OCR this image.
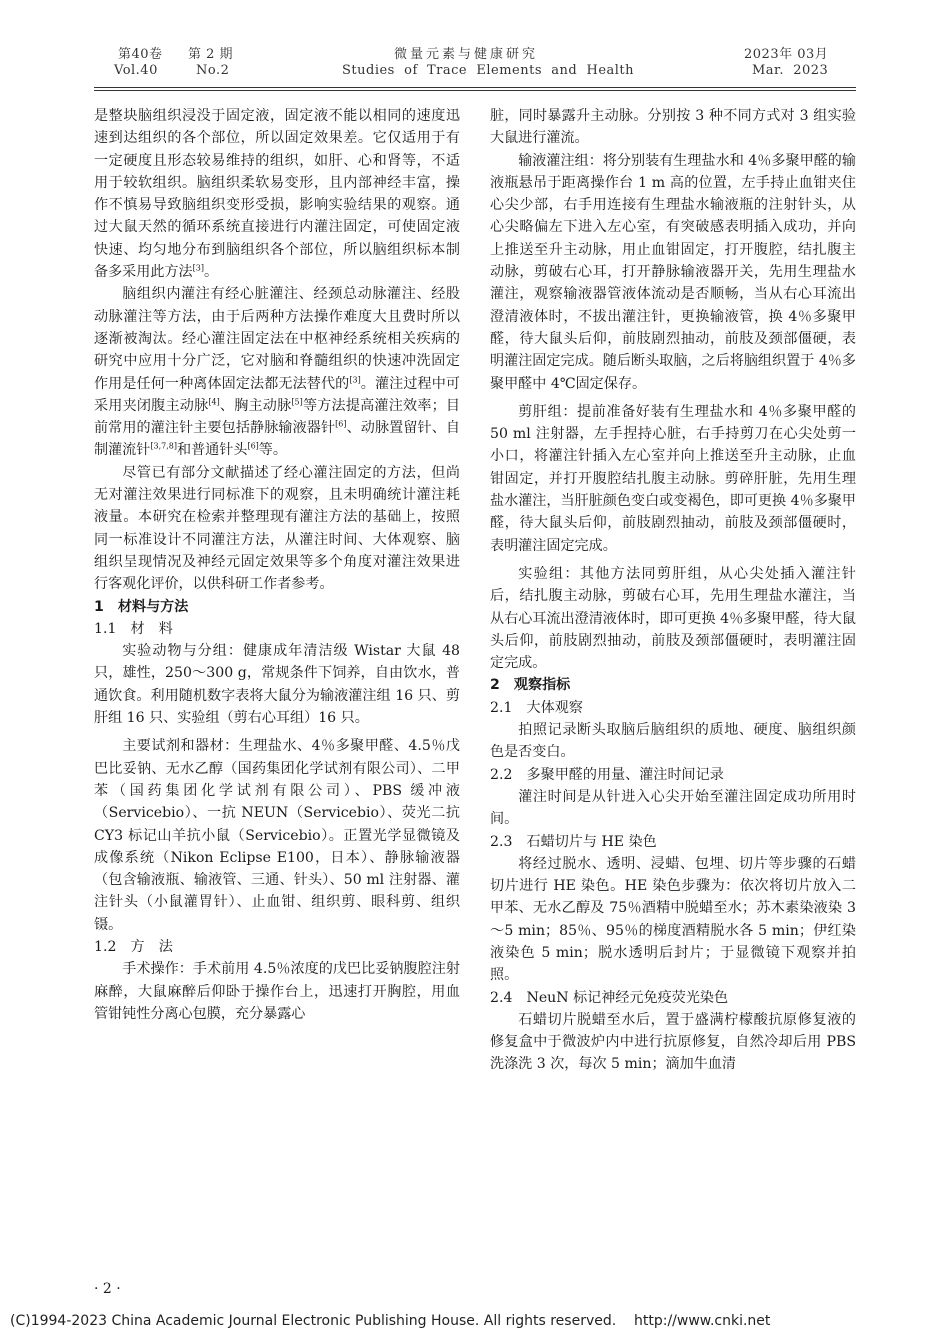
第40卷 第 2 期	微量元素与健康研究	2023年 03月
Vol.40	No.2	Studies  of  Trace  Elements  and  Health	Mar.  2023

是整块脑组织浸没于固定液，固定液不能以相同的速度迅速到达组织的各个部位，所以固定效果差。它仅适用于有一定硬度且形态较易维持的组织，如肝、心和肾等，不适用于较软组织。脑组织柔软易变形，且内部神经丰富，操作不慎易导致脑组织变形受损，影响实验结果的观察。通过大鼠天然的循环系统直接进行内灌注固定，可使固定液快速、均匀地分布到脑组织各个部位，所以脑组织标本制备多采用此方法[3]。

脑组织内灌注有经心脏灌注、经颈总动脉灌注、经股动脉灌注等方法，由于后两种方法操作难度大且费时所以逐渐被淘汰。经心灌注固定法在中枢神经系统相关疾病的研究中应用十分广泛，它对脑和脊髓组织的快速冲洗固定作用是任何一种离体固定法都无法替代的[3]。灌注过程中可采用夹闭腹主动脉[4]、胸主动脉[5]等方法提高灌注效率；目前常用的灌注针主要包括静脉输液器针[6]、动脉置留针、自制灌流针[3,7,8]和普通针头[6]等。

尽管已有部分文献描述了经心灌注固定的方法，但尚无对灌注效果进行同标准下的观察，且未明确统计灌注耗液量。本研究在检索并整理现有灌注方法的基础上，按照同一标准设计不同灌注方法，从灌注时间、大体观察、脑组织呈现情况及神经元固定效果等多个角度对灌注效果进行客观化评价，以供科研工作者参考。

1　材料与方法
1.1　材　料

实验动物与分组：健康成年清洁级 Wistar 大鼠 48 只，雄性，250～300 g，常规条件下饲养，自由饮水，普通饮食。利用随机数字表将大鼠分为输液灌注组 16 只、剪肝组 16 只、实验组（剪右心耳组）16 只。

主要试剂和器材：生理盐水、4％多聚甲醛、4.5％戊巴比妥钠、无水乙醇（国药集团化学试剂有限公司）、二甲苯（国药集团化学试剂有限公司）、PBS 缓冲液（Servicebio）、一抗 NEUN（Servicebio）、荧光二抗 CY3 标记山羊抗小鼠（Servicebio）。正置光学显微镜及成像系统（Nikon Eclipse E100，日本）、静脉输液器（包含输液瓶、输液管、三通、针头）、50 ml 注射器、灌注针头（小鼠灌胃针）、止血钳、组织剪、眼科剪、组织镊。

1.2　方　法

手术操作：手术前用 4.5％浓度的戊巴比妥钠腹腔注射麻醉，大鼠麻醉后仰卧于操作台上，迅速打开胸腔，用血管钳钝性分离心包膜，充分暴露心

脏，同时暴露升主动脉。分别按 3 种不同方式对 3 组实验大鼠进行灌流。

输液灌注组：将分别装有生理盐水和 4％多聚甲醛的输液瓶悬吊于距离操作台 1 m 高的位置，左手持止血钳夹住心尖少部，右手用连接有生理盐水输液瓶的注射针头，从心尖略偏左下进入左心室，有突破感表明插入成功，并向上推送至升主动脉，用止血钳固定，打开腹腔，结扎腹主动脉，剪破右心耳，打开静脉输液器开关，先用生理盐水灌注，观察输液器管液体流动是否顺畅，当从右心耳流出澄清液体时，不拔出灌注针，更换输液管，换 4％多聚甲醛，待大鼠头后仰，前肢剧烈抽动，前肢及颈部僵硬，表明灌注固定完成。随后断头取脑，之后将脑组织置于 4％多聚甲醛中 4℃固定保存。

剪肝组：提前准备好装有生理盐水和 4％多聚甲醛的 50 ml 注射器，左手捏持心脏，右手持剪刀在心尖处剪一小口，将灌注针插入左心室并向上推送至升主动脉，止血钳固定，并打开腹腔结扎腹主动脉。剪碎肝脏，先用生理盐水灌注，当肝脏颜色变白或变褐色，即可更换 4％多聚甲醛，待大鼠头后仰，前肢剧烈抽动，前肢及颈部僵硬时，表明灌注固定完成。

实验组：其他方法同剪肝组，从心尖处插入灌注针后，结扎腹主动脉，剪破右心耳，先用生理盐水灌注，当从右心耳流出澄清液体时，即可更换 4％多聚甲醛，待大鼠头后仰，前肢剧烈抽动，前肢及颈部僵硬时，表明灌注固定完成。

2　观察指标
2.1　大体观察

拍照记录断头取脑后脑组织的质地、硬度、脑组织颜色是否变白。

2.2　多聚甲醛的用量、灌注时间记录

灌注时间是从针进入心尖开始至灌注固定成功所用时间。

2.3　石蜡切片与 HE 染色

将经过脱水、透明、浸蜡、包埋、切片等步骤的石蜡切片进行 HE 染色。HE 染色步骤为：依次将切片放入二甲苯、无水乙醇及 75％酒精中脱蜡至水；苏木素染液染 3～5 min；85％、95％的梯度酒精脱水各 5 min；伊红染液染色 5 min；脱水透明后封片；于显微镜下观察并拍照。

2.4　NeuN 标记神经元免疫荧光染色

石蜡切片脱蜡至水后，置于盛满柠檬酸抗原修复液的修复盒中于微波炉内中进行抗原修复，自然冷却后用 PBS 洗涤洗 3 次，每次 5 min；滴加牛血清

· 2 ·
(C)1994-2023 China Academic Journal Electronic Publishing House. All rights reserved.    http://www.cnki.net
